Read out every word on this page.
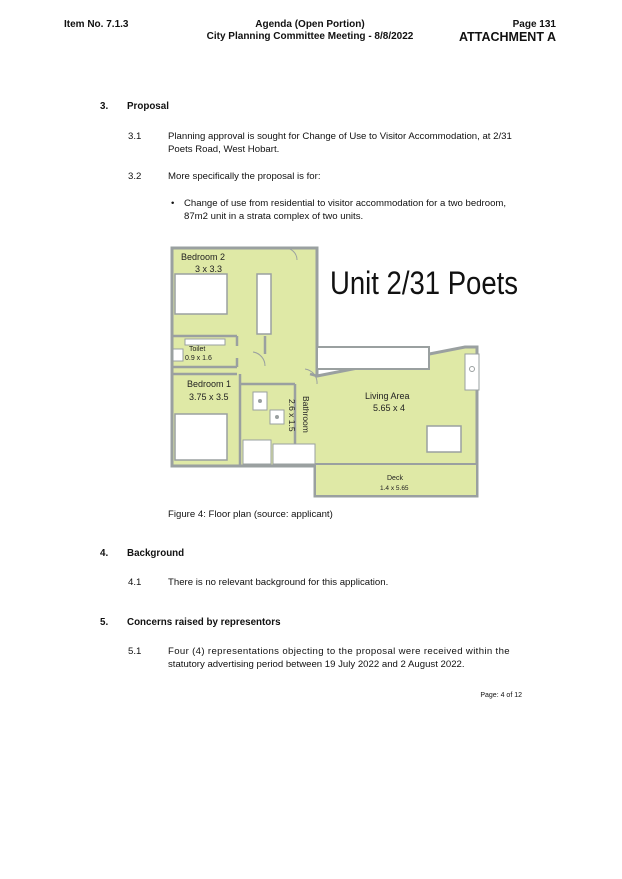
Item No. 7.1.3	Agenda (Open Portion)
City Planning Committee Meeting - 8/8/2022
Page 131
ATTACHMENT A
3. Proposal
3.1	Planning approval is sought for Change of Use to Visitor Accommodation, at 2/31
Poets Road, West Hobart.
3.2	More specifically the proposal is for:
• Change of use from residential to visitor accommodation for a two bedroom,
87m2 unit in a strata complex of two units.
Unit 2/31 Poets
Bedroom 2
3 x 3.3
Toilet
0.9 x 1.6
Bedroom 1
3.75 x 3.5	Bathroom
2.6 x 1.5
Living Area
5.65 x 4
Deck
1.4 x 5.65
Figure 4: Floor plan (source: applicant)
4. Background
4.1	There is no relevant background for this application.
5. Concerns raised by representors
5.1	Four (4) representations objecting to the proposal were received within the
statutory advertising period between 19 July 2022 and 2 August 2022.
Page: 4 of 12
